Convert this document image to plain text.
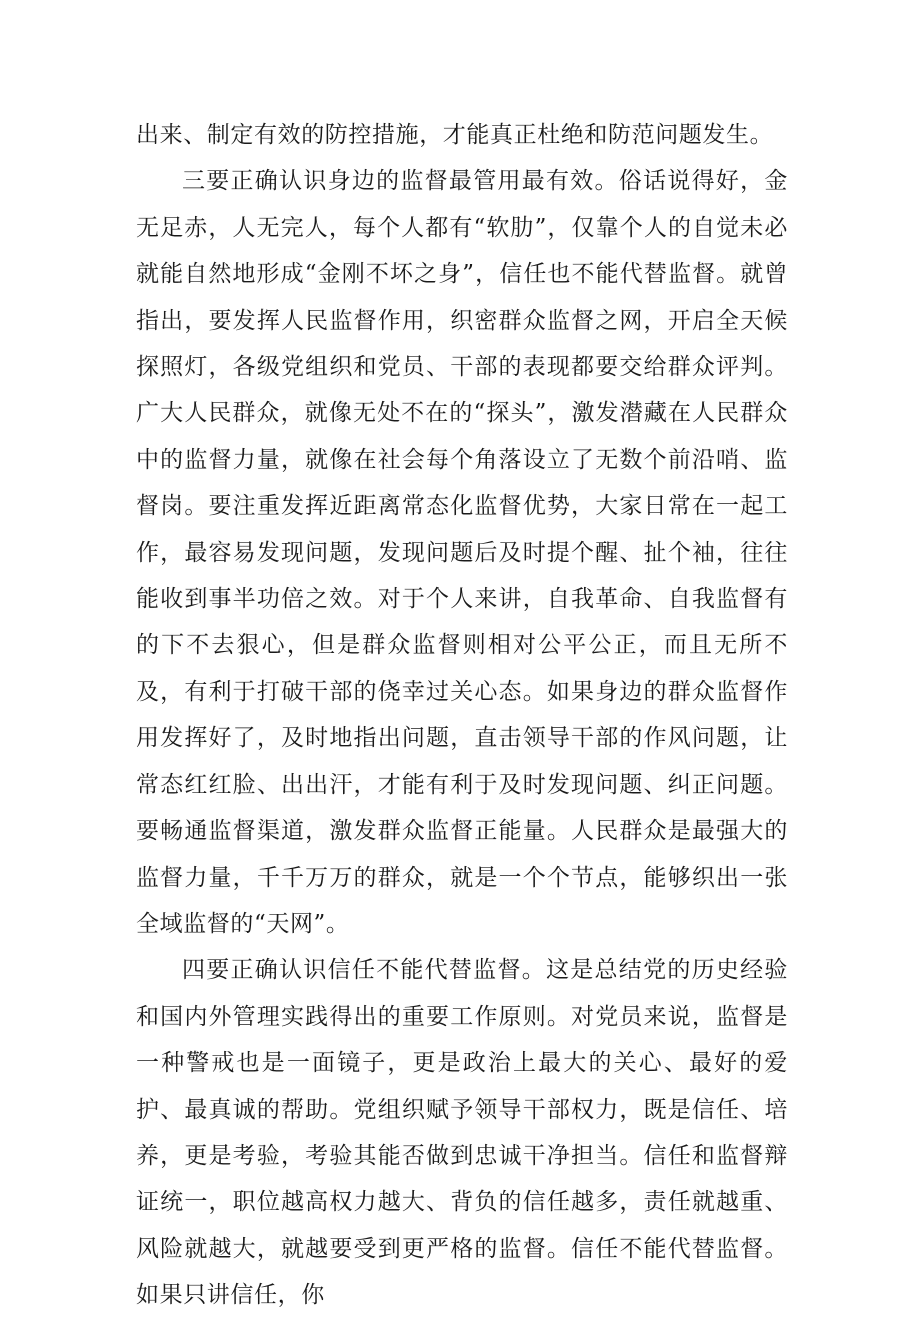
出来、制定有效的防控措施，才能真正杜绝和防范问题发生。

三要正确认识身边的监督最管用最有效。俗话说得好，金无足赤，人无完人，每个人都有“软肋”，仅靠个人的自觉未必就能自然地形成“金刚不坏之身”，信任也不能代替监督。就曾指出，要发挥人民监督作用，织密群众监督之网，开启全天候探照灯，各级党组织和党员、干部的表现都要交给群众评判。广大人民群众，就像无处不在的“探头”，激发潜藏在人民群众中的监督力量，就像在社会每个角落设立了无数个前沿哨、监督岗。要注重发挥近距离常态化监督优势，大家日常在一起工作，最容易发现问题，发现问题后及时提个醒、扯个袖，往往能收到事半功倍之效。对于个人来讲，自我革命、自我监督有的下不去狠心，但是群众监督则相对公平公正，而且无所不及，有利于打破干部的侥幸过关心态。如果身边的群众监督作用发挥好了，及时地指出问题，直击领导干部的作风问题，让常态红红脸、出出汗，才能有利于及时发现问题、纠正问题。要畅通监督渠道，激发群众监督正能量。人民群众是最强大的监督力量，千千万万的群众，就是一个个节点，能够织出一张全域监督的“天网”。

四要正确认识信任不能代替监督。这是总结党的历史经验和国内外管理实践得出的重要工作原则。对党员来说，监督是一种警戒也是一面镜子，更是政治上最大的关心、最好的爱护、最真诚的帮助。党组织赋予领导干部权力，既是信任、培养，更是考验，考验其能否做到忠诚干净担当。信任和监督辩证统一，职位越高权力越大、背负的信任越多，责任就越重、风险就越大，就越要受到更严格的监督。信任不能代替监督。如果只讲信任，你
